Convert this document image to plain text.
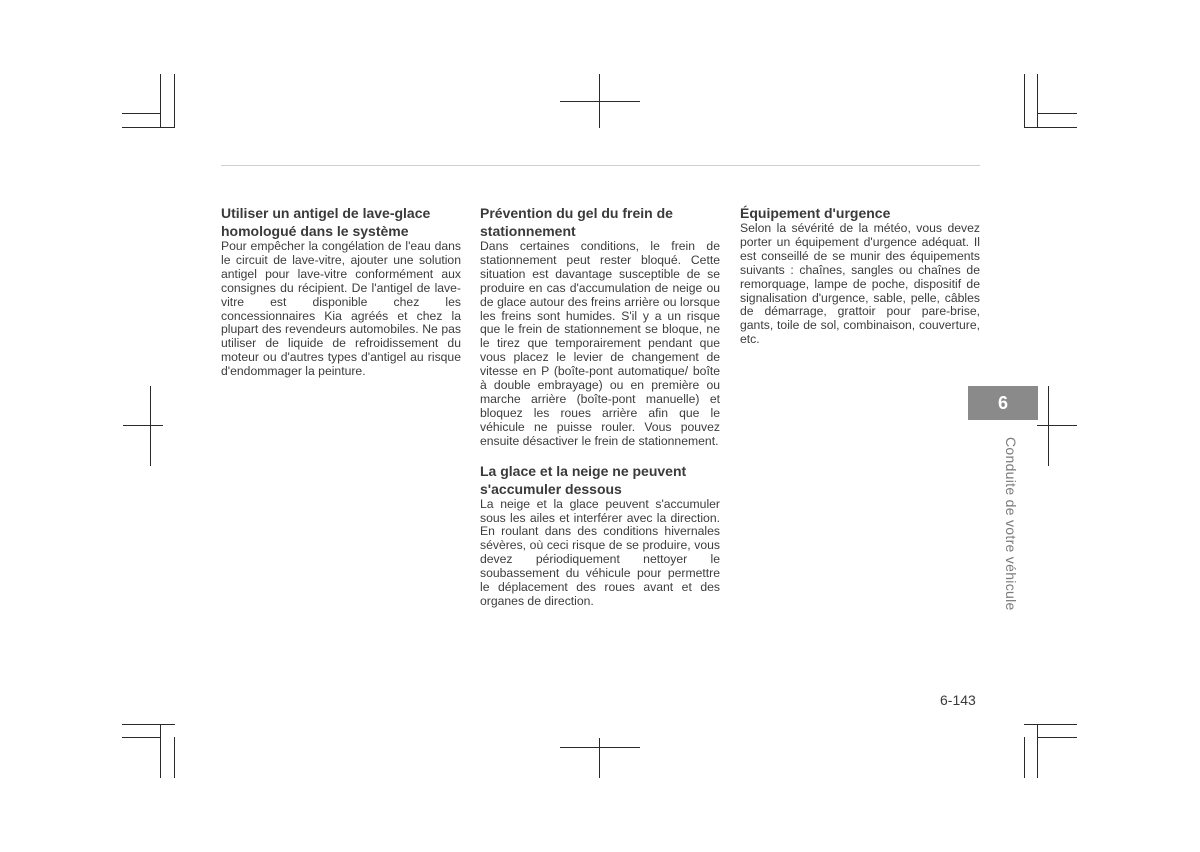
Utiliser un antigel de lave-glace homologué dans le système

Pour empêcher la congélation de l'eau dans le circuit de lave-vitre, ajouter une solution antigel pour lave-vitre conformément aux consignes du récipient. De l'antigel de lave-vitre est disponible chez les concessionnaires Kia agréés et chez la plupart des revendeurs automobiles. Ne pas utiliser de liquide de refroidissement du moteur ou d'autres types d'antigel au risque d'endommager la peinture.

Prévention du gel du frein de stationnement

Dans certaines conditions, le frein de stationnement peut rester bloqué. Cette situation est davantage susceptible de se produire en cas d'accumulation de neige ou de glace autour des freins arrière ou lorsque les freins sont humides. S'il y a un risque que le frein de stationnement se bloque, ne le tirez que temporairement pendant que vous placez le levier de changement de vitesse en P (boîte-pont automatique/ boîte à double embrayage) ou en première ou marche arrière (boîte-pont manuelle) et bloquez les roues arrière afin que le véhicule ne puisse rouler. Vous pouvez ensuite désactiver le frein de stationnement.

La glace et la neige ne peuvent s'accumuler dessous

La neige et la glace peuvent s'accumuler sous les ailes et interférer avec la direction. En roulant dans des conditions hivernales sévères, où ceci risque de se produire, vous devez périodiquement nettoyer le soubassement du véhicule pour permettre le déplacement des roues avant et des organes de direction.

Équipement d'urgence

Selon la sévérité de la météo, vous devez porter un équipement d'urgence adéquat. Il est conseillé de se munir des équipements suivants : chaînes, sangles ou chaînes de remorquage, lampe de poche, dispositif de signalisation d'urgence, sable, pelle, câbles de démarrage, grattoir pour pare-brise, gants, toile de sol, combinaison, couverture, etc.

6
Conduite de votre véhicule
6-143
